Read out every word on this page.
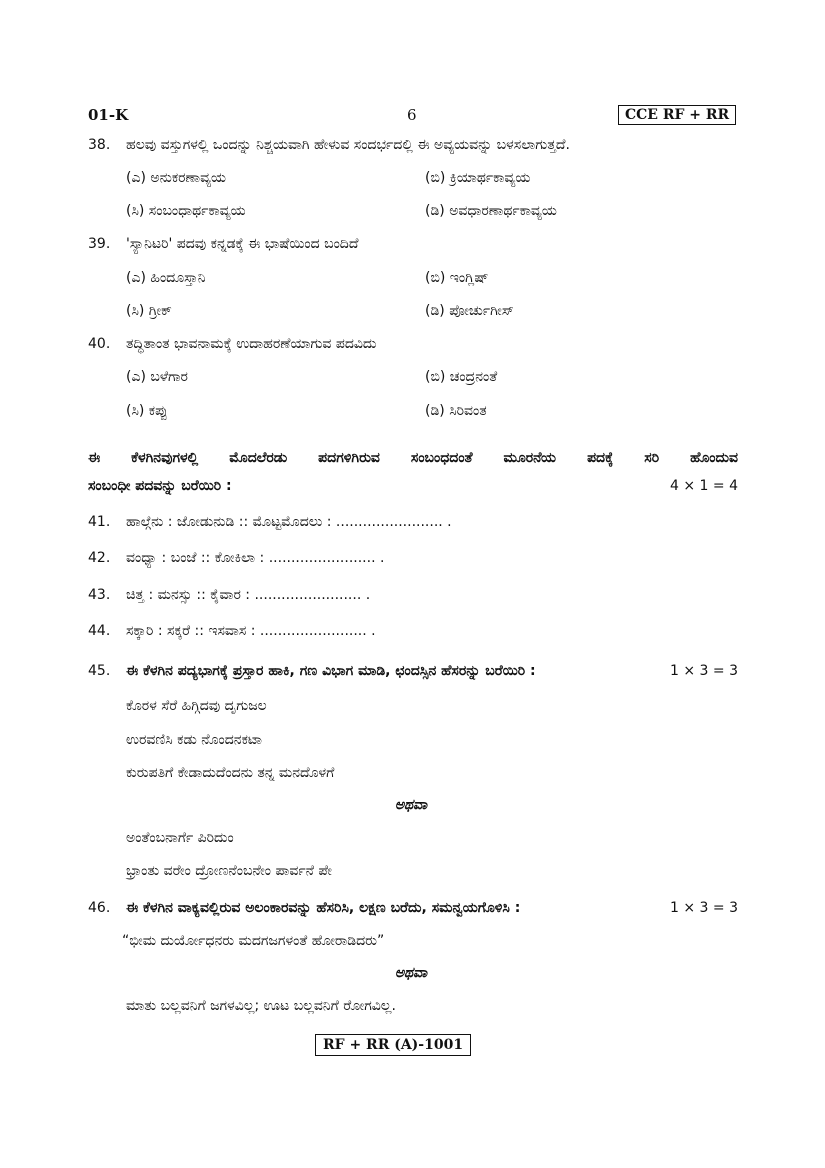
01-K	6	CCE RF + RR
38. ಹಲವು ವಸ್ತುಗಳಲ್ಲಿ ಒಂದನ್ನು ನಿಶ್ಚಯವಾಗಿ ಹೇಳುವ ಸಂದರ್ಭದಲ್ಲಿ ಈ ಅವ್ಯಯವನ್ನು ಬಳಸಲಾಗುತ್ತದೆ.
(ಎ) ಅನುಕರಣಾವ್ಯಯ	(ಬಿ) ಕ್ರಿಯಾರ್ಥಕಾವ್ಯಯ
(ಸಿ) ಸಂಬಂಧಾರ್ಥಕಾವ್ಯಯ	(ಡಿ) ಅವಧಾರಣಾರ್ಥಕಾವ್ಯಯ
39. 'ಸ್ಯಾನಿಟರಿ' ಪದವು ಕನ್ನಡಕ್ಕೆ ಈ ಭಾಷೆಯಿಂದ ಬಂದಿದೆ
(ಎ) ಹಿಂದೂಸ್ತಾನಿ	(ಬಿ) ಇಂಗ್ಲಿಷ್
(ಸಿ) ಗ್ರೀಕ್	(ಡಿ) ಪೋರ್ಚುಗೀಸ್
40. ತದ್ಧಿತಾಂತ ಭಾವನಾಮಕ್ಕೆ ಉದಾಹರಣೆಯಾಗುವ ಪದವಿದು
(ಎ) ಬಳೆಗಾರ	(ಬಿ) ಚಂದ್ರನಂತೆ
(ಸಿ) ಕಪ್ಪು	(ಡಿ) ಸಿರಿವಂತ
ಈ ಕೆಳಗಿನವುಗಳಲ್ಲಿ ಮೊದಲೆರಡು ಪದಗಳಿಗಿರುವ ಸಂಬಂಧದಂತೆ ಮೂರನೆಯ ಪದಕ್ಕೆ ಸರಿ ಹೊಂದುವ
ಸಂಬಂಧೀ ಪದವನ್ನು ಬರೆಯಿರಿ :	4 × 1 = 4
41. ಹಾಲ್ಗೆನು : ಜೋಡುನುಡಿ :: ಮೊಟ್ಟಮೊದಲು : ........................ .
42. ವಂಧ್ಯಾ : ಬಂಜೆ :: ಕೋಕಿಲಾ : ........................ .
43. ಚಿತ್ತ : ಮನಸ್ಸು :: ಕೈವಾರ : ........................ .
44. ಸಕ್ಕಾರಿ : ಸಕ್ಕರೆ :: ಇಸವಾಸ : ........................ .
45. ಈ ಕೆಳಗಿನ ಪದ್ಯಭಾಗಕ್ಕೆ ಪ್ರಸ್ತಾರ ಹಾಕಿ, ಗಣ ವಿಭಾಗ ಮಾಡಿ, ಛಂದಸ್ಸಿನ ಹೆಸರನ್ನು ಬರೆಯಿರಿ :	1 × 3 = 3
ಕೊರಳ ಸೆರೆ ಹಿಗ್ಗಿದವು ದೃಗುಜಲ
ಉರವಣಿಸಿ ಕಡು ನೊಂದನಕಟಾ
ಕುರುಪತಿಗೆ ಕೇಡಾದುದೆಂದನು ತನ್ನ ಮನದೊಳಗೆ
ಅಥವಾ
ಅಂತೆಂಬನಾರ್ಗೆ ಪಿರಿದುಂ
ಭ್ರಾಂತು ವರೇಂ ದ್ರೋಣನೆಂಬನೇಂ ಪಾರ್ವನೆ ಪೇ
46. ಈ ಕೆಳಗಿನ ವಾಕ್ಯವಲ್ಲಿರುವ ಅಲಂಕಾರವನ್ನು ಹೆಸರಿಸಿ, ಲಕ್ಷಣ ಬರೆದು, ಸಮನ್ವಯಗೊಳಿಸಿ :	1 × 3 = 3
“ಭೀಮ ದುರ್ಯೋಧನರು ಮದಗಜಗಳಂತೆ ಹೋರಾಡಿದರು”
ಅಥವಾ
ಮಾತು ಬಲ್ಲವನಿಗೆ ಜಗಳವಿಲ್ಲ; ಊಟ ಬಲ್ಲವನಿಗೆ ರೋಗವಿಲ್ಲ.
RF + RR (A)-1001
